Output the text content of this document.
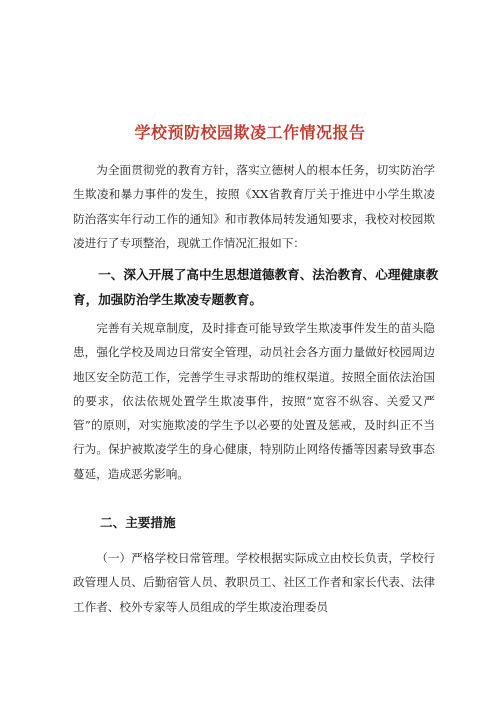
学校预防校园欺凌工作情况报告

为全面贯彻党的教育方针，落实立德树人的根本任务，切实防治学生欺凌和暴力事件的发生，按照《XX省教育厅关于推进中小学生欺凌防治落实年行动工作的通知》和市教体局转发通知要求，我校对校园欺凌进行了专项整治，现就工作情况汇报如下：

一、深入开展了高中生思想道德教育、法治教育、心理健康教育，加强防治学生欺凌专题教育。

完善有关规章制度，及时排查可能导致学生欺凌事件发生的苗头隐患，强化学校及周边日常安全管理，动员社会各方面力量做好校园周边地区安全防范工作，完善学生寻求帮助的维权渠道。按照全面依法治国的要求，依法依规处置学生欺凌事件，按照“宽容不纵容、关爱又严管”的原则，对实施欺凌的学生予以必要的处置及惩戒，及时纠正不当行为。保护被欺凌学生的身心健康，特别防止网络传播等因素导致事态蔓延，造成恶劣影响。

二、主要措施

（一）严格学校日常管理。学校根据实际成立由校长负责，学校行政管理人员、后勤宿管人员、教职员工、社区工作者和家长代表、法律工作者、校外专家等人员组成的学生欺凌治理委员
